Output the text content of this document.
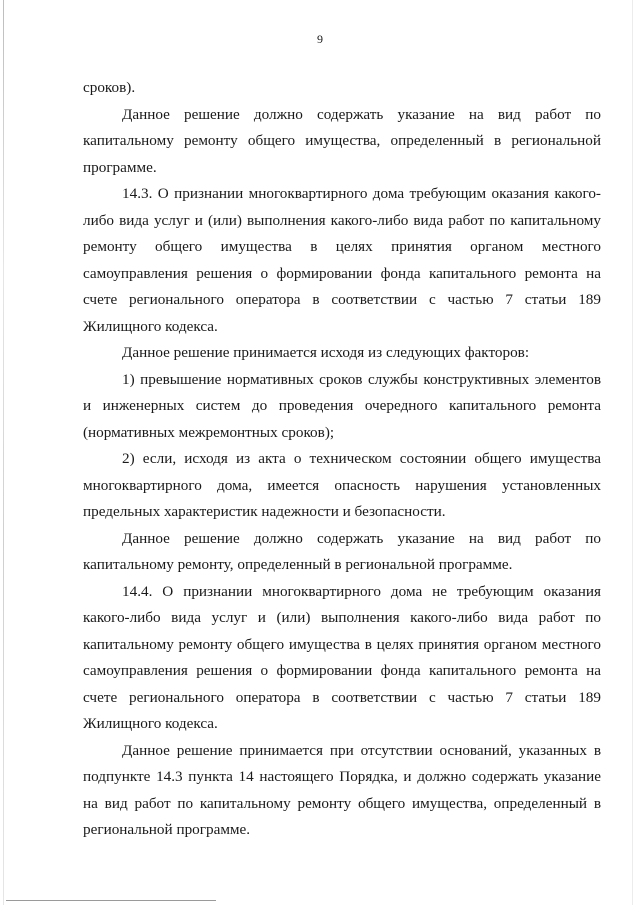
9

сроков).

Данное решение должно содержать указание на вид работ по капитальному ремонту общего имущества, определенный в региональной программе.

14.3. О признании многоквартирного дома требующим оказания какого-либо вида услуг и (или) выполнения какого-либо вида работ по капитальному ремонту общего имущества в целях принятия органом местного самоуправления решения о формировании фонда капитального ремонта на счете регионального оператора в соответствии с частью 7 статьи 189 Жилищного кодекса.

Данное решение принимается исходя из следующих факторов:

1) превышение нормативных сроков службы конструктивных элементов и инженерных систем до проведения очередного капитального ремонта (нормативных межремонтных сроков);

2) если, исходя из акта о техническом состоянии общего имущества многоквартирного дома, имеется опасность нарушения установленных предельных характеристик надежности и безопасности.

Данное решение должно содержать указание на вид работ по капитальному ремонту, определенный в региональной программе.

14.4. О признании многоквартирного дома не требующим оказания какого-либо вида услуг и (или) выполнения какого-либо вида работ по капитальному ремонту общего имущества в целях принятия органом местного самоуправления решения о формировании фонда капитального ремонта на счете регионального оператора в соответствии с частью 7 статьи 189 Жилищного кодекса.

Данное решение принимается при отсутствии оснований, указанных в подпункте 14.3 пункта 14 настоящего Порядка, и должно содержать указание на вид работ по капитальному ремонту общего имущества, определенный в региональной программе.
